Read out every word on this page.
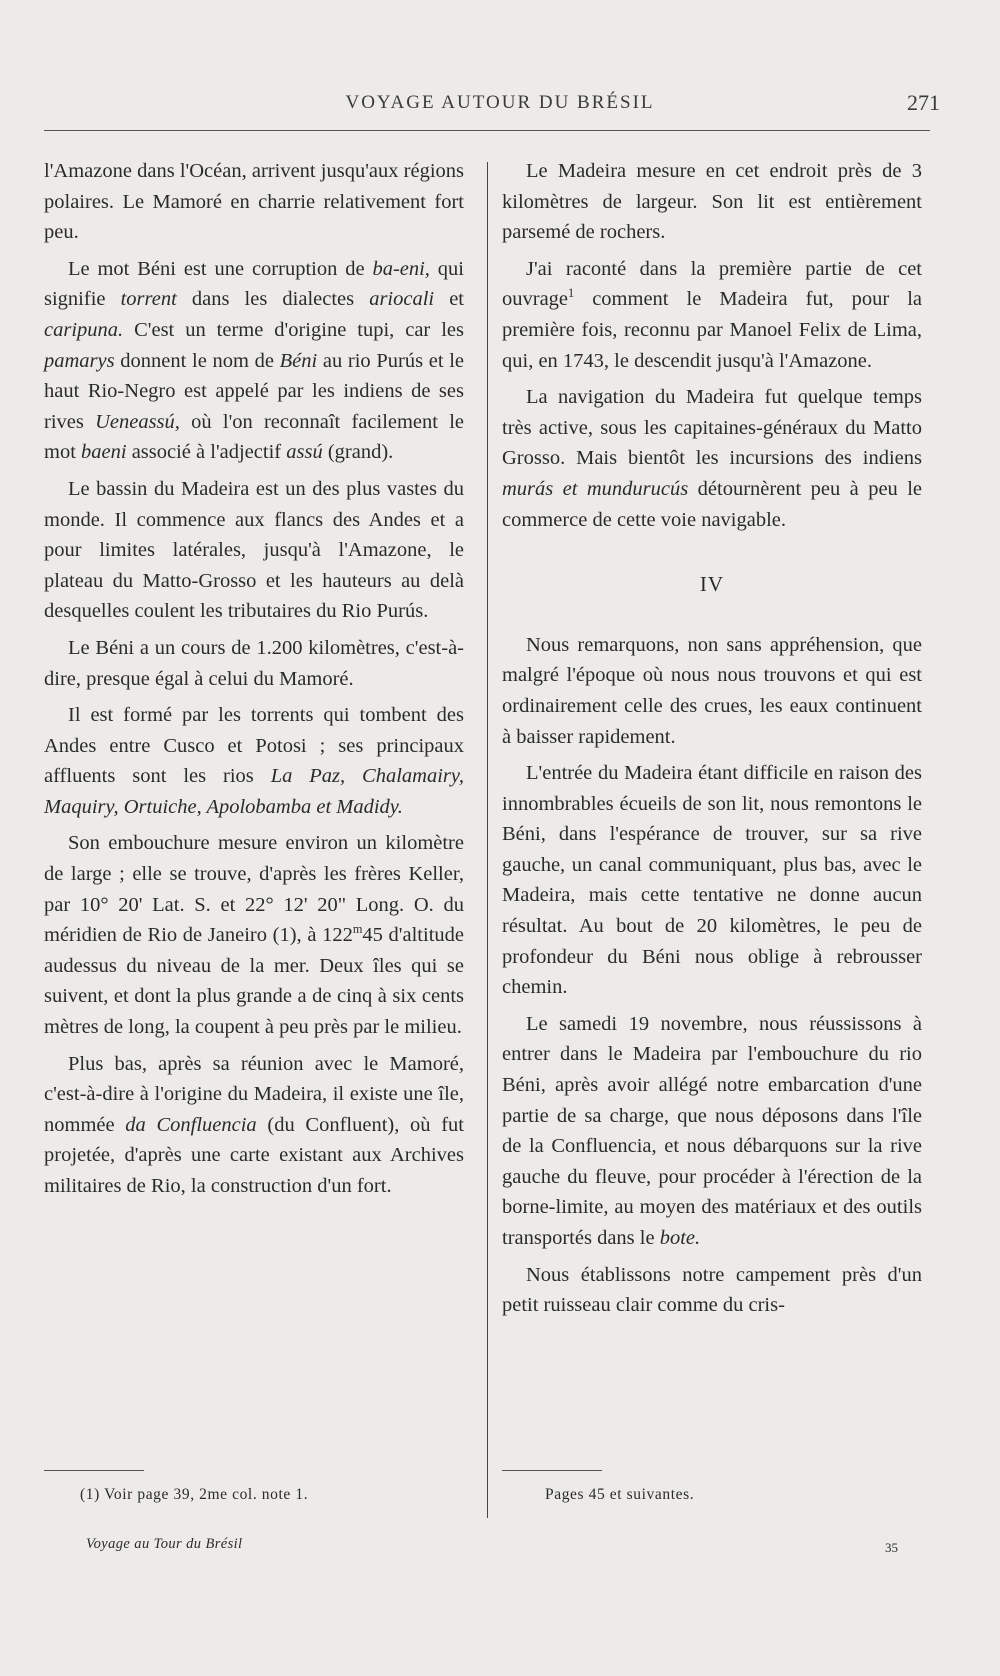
VOYAGE AUTOUR DU BRÉSIL	271

l'Amazone dans l'Océan, arrivent jusqu'aux régions polaires. Le Mamoré en charrie relativement fort peu.

Le mot Béni est une corruption de ba-eni, qui signifie torrent dans les dialectes ariocali et caripuna. C'est un terme d'origine tupi, car les pamarys donnent le nom de Béni au rio Purús et le haut Rio-Negro est appelé par les indiens de ses rives Ueneassú, où l'on reconnaît facilement le mot baeni associé à l'adjectif assú (grand).

Le bassin du Madeira est un des plus vastes du monde. Il commence aux flancs des Andes et a pour limites latérales, jusqu'à l'Amazone, le plateau du Matto-Grosso et les hauteurs au delà desquelles coulent les tributaires du Rio Purús.

Le Béni a un cours de 1.200 kilomètres, c'est-à-dire, presque égal à celui du Mamoré.

Il est formé par les torrents qui tombent des Andes entre Cusco et Potosi ; ses principaux affluents sont les rios La Paz, Chalamairy, Maquiry, Ortuiche, Apolobamba et Madidy.

Son embouchure mesure environ un kilomètre de large ; elle se trouve, d'après les frères Keller, par 10° 20' Lat. S. et 22° 12' 20" Long. O. du méridien de Rio de Janeiro (1), à 122$^m$45 d'altitude audessus du niveau de la mer. Deux îles qui se suivent, et dont la plus grande a de cinq à six cents mètres de long, la coupent à peu près par le milieu.

Plus bas, après sa réunion avec le Mamoré, c'est-à-dire à l'origine du Madeira, il existe une île, nommée da Confluencia (du Confluent), où fut projetée, d'après une carte existant aux Archives militaires de Rio, la construction d'un fort.

Le Madeira mesure en cet endroit près de 3 kilomètres de largeur. Son lit est entièrement parsemé de rochers.

J'ai raconté dans la première partie de cet ouvrage$^1$ comment le Madeira fut, pour la première fois, reconnu par Manoel Felix de Lima, qui, en 1743, le descendit jusqu'à l'Amazone.

La navigation du Madeira fut quelque temps très active, sous les capitaines-généraux du Matto Grosso. Mais bientôt les incursions des indiens murás et mundurucús détournèrent peu à peu le commerce de cette voie navigable.

IV

Nous remarquons, non sans appréhension, que malgré l'époque où nous nous trouvons et qui est ordinairement celle des crues, les eaux continuent à baisser rapidement.

L'entrée du Madeira étant difficile en raison des innombrables écueils de son lit, nous remontons le Béni, dans l'espérance de trouver, sur sa rive gauche, un canal communiquant, plus bas, avec le Madeira, mais cette tentative ne donne aucun résultat. Au bout de 20 kilomètres, le peu de profondeur du Béni nous oblige à rebrousser chemin.

Le samedi 19 novembre, nous réussissons à entrer dans le Madeira par l'embouchure du rio Béni, après avoir allégé notre embarcation d'une partie de sa charge, que nous déposons dans l'île de la Confluencia, et nous débarquons sur la rive gauche du fleuve, pour procéder à l'érection de la borne-limite, au moyen des matériaux et des outils transportés dans le bote.

Nous établissons notre campement près d'un petit ruisseau clair comme du cris-

(1) Voir page 39, 2me col. note 1.	Pages 45 et suivantes.
Voyage au Tour du Brésil	35
